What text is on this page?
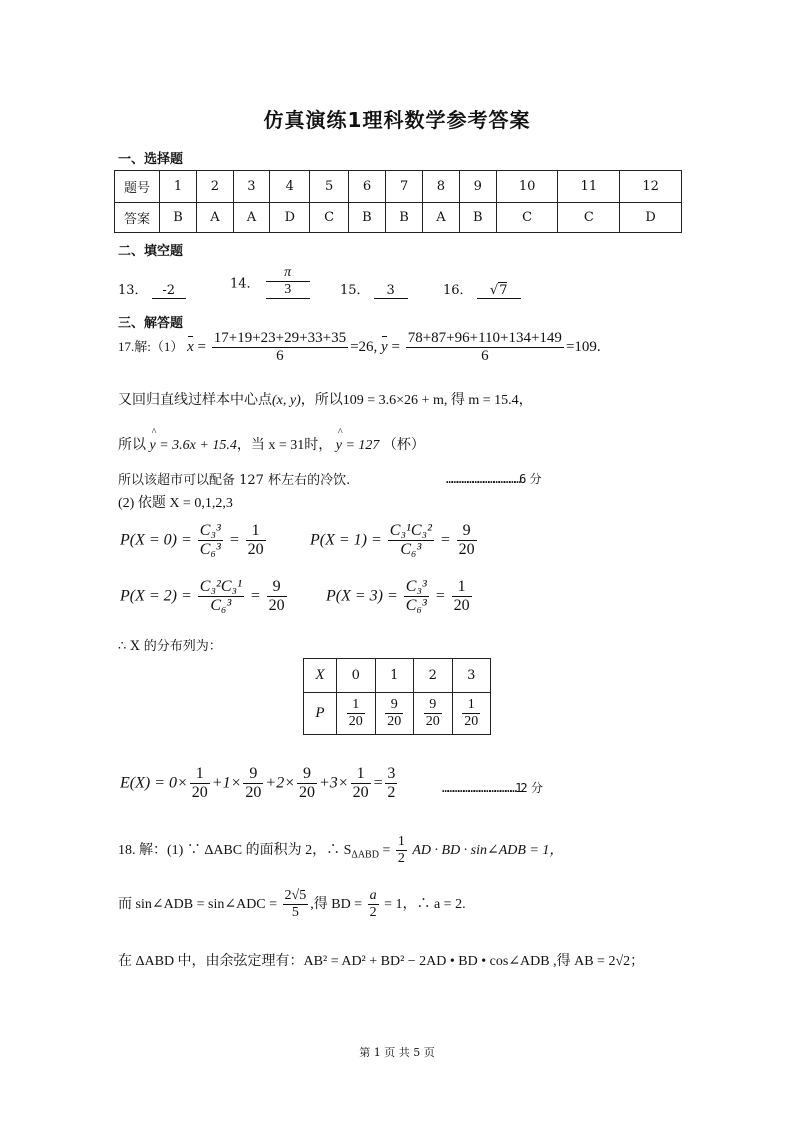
仿真演练1理科数学参考答案
一、选择题
题号	1	2	3	4	5	6	7	8	9	10	11	12
答案	B	A	A	D	C	B	B	A	B	C	C	D
二、填空题
13． -2	14． $\frac{\pi}{3} 15$． 3	16． √7
三、解答题
17.解:（1） $x = \frac{17+19+23+29+33+35}{6} =26$, $y = \frac{78+87+96+110+134+149}{6} =109$.
又回归直线过样本中心点(x, y)，所以109 = 3.6×26 + m, 得 m = 15.4，
所以 ^ y = 3.6x + 15.4，当 x = 31时， ^ y = 127 （杯）
所以该超市可以配备 127 杯左右的冷饮.	……………………………………6 分
(2) 依题 X = 0,1,2,3
$P(X = 0) = \frac{\text{C₃³}}{\text{C₆³}} = \frac{1}{20}$	$P(X = 1) = \frac{\text{C₃¹C₃²}}{\text{C₆³}} = \frac{9}{20}$
$P(X = 2) = \frac{\text{C₃²C₃¹}}{\text{C₆³}} = \frac{9}{20} P(X = 3) = \frac{\text{C₃³}}{\text{C₆³}} = \frac{1}{20}$
∴ X 的分布列为：
X	0	1	2	3
P	$\frac{1}{20}$	$\frac{9}{20}$	$\frac{9}{20}$	$\frac{1}{20}$
$E(X) = 0\times \frac{1}{20} +1\times \frac{9}{20} +2\times \frac{9}{20} +3\times \frac{1}{20} = \frac{3}{2}$	……………………………………12 分
18. 解：(1) ∵ ΔABC 的面积为 2，∴ $S_{\Delta ABD} = \frac{1}{2}$ AD · BD · sin∠ADB = 1，
而 sin∠ADB = sin∠ADC = $\frac{2√5}{5}$ ,得 BD = $\frac{a}{2} = 1$，∴ a = 2.
在 ΔABD 中，由余弦定理有：AB² = AD² + BD² − 2AD • BD • cos∠ADB ,得 AB = 2√2；
第 1 页 共 5 页
